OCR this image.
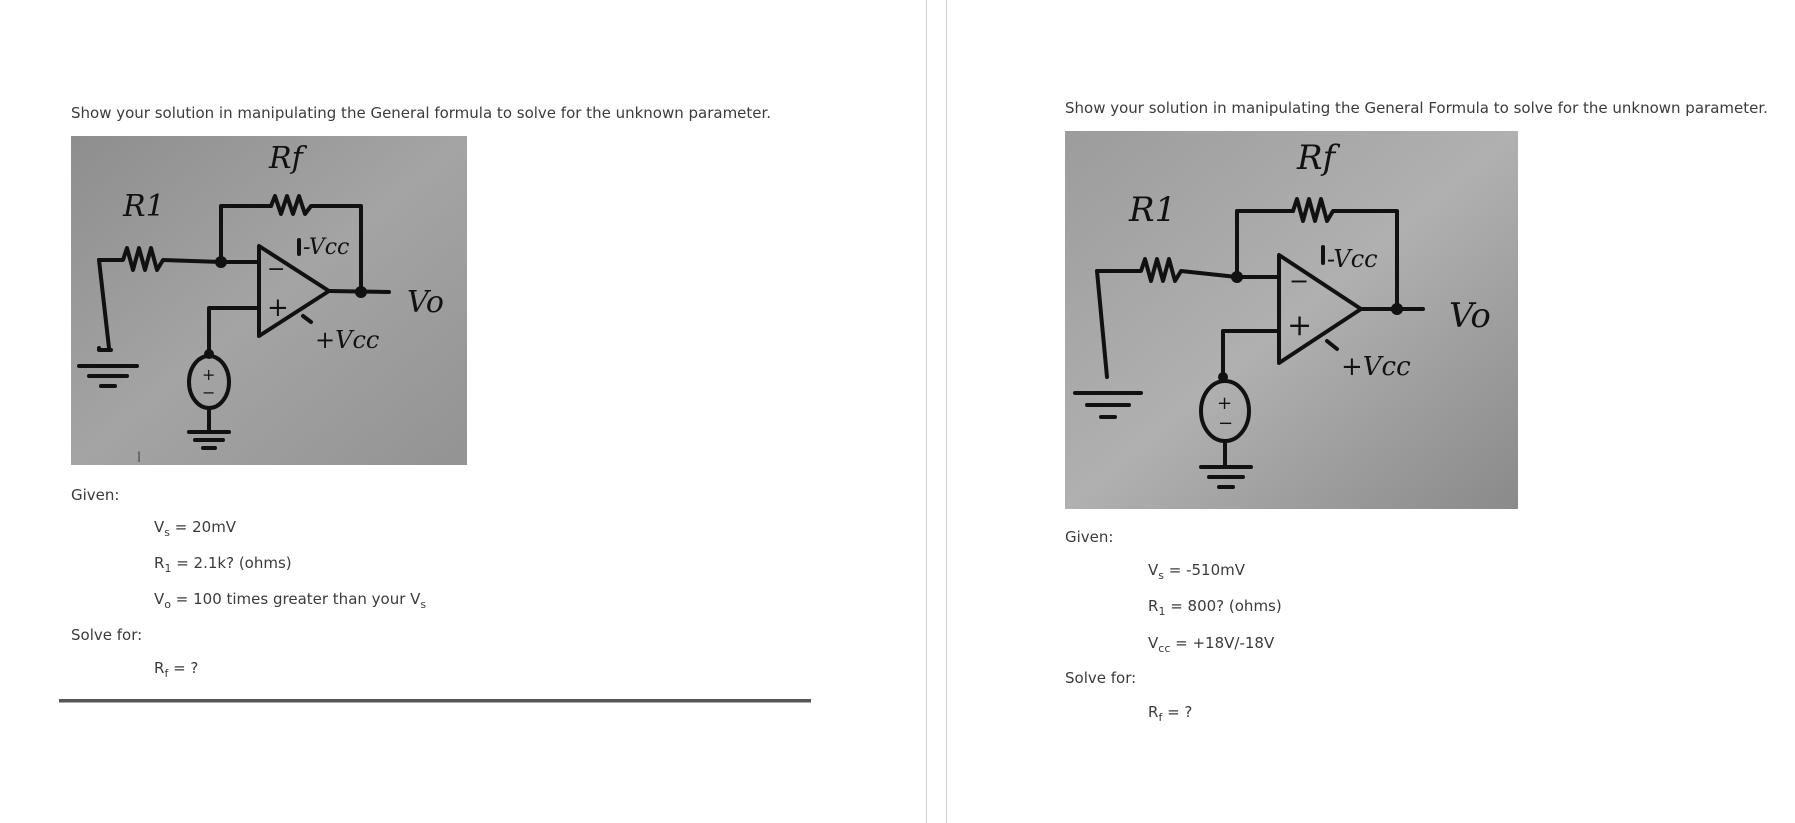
Show your solution in manipulating the General formula to solve for the unknown parameter.

Rf
R1
-Vcc
+Vcc
Vo
−
+
+
−
I
Given:
$V_s = 20mV$
$R_1 = 2.1k$? (ohms)
$V_o = 100$ times greater than your $V_s$
Solve for:
$R_f$ = ?

Show your solution in manipulating the General Formula to solve for the unknown parameter.

Rf
R1
-Vcc
+Vcc
Vo
−
+
+
−
Given:
$V_s = -510mV$
$R_1 = 800$? (ohms)
$V_{cc} = +18V/-18V$
Solve for:
$R_f$ = ?
